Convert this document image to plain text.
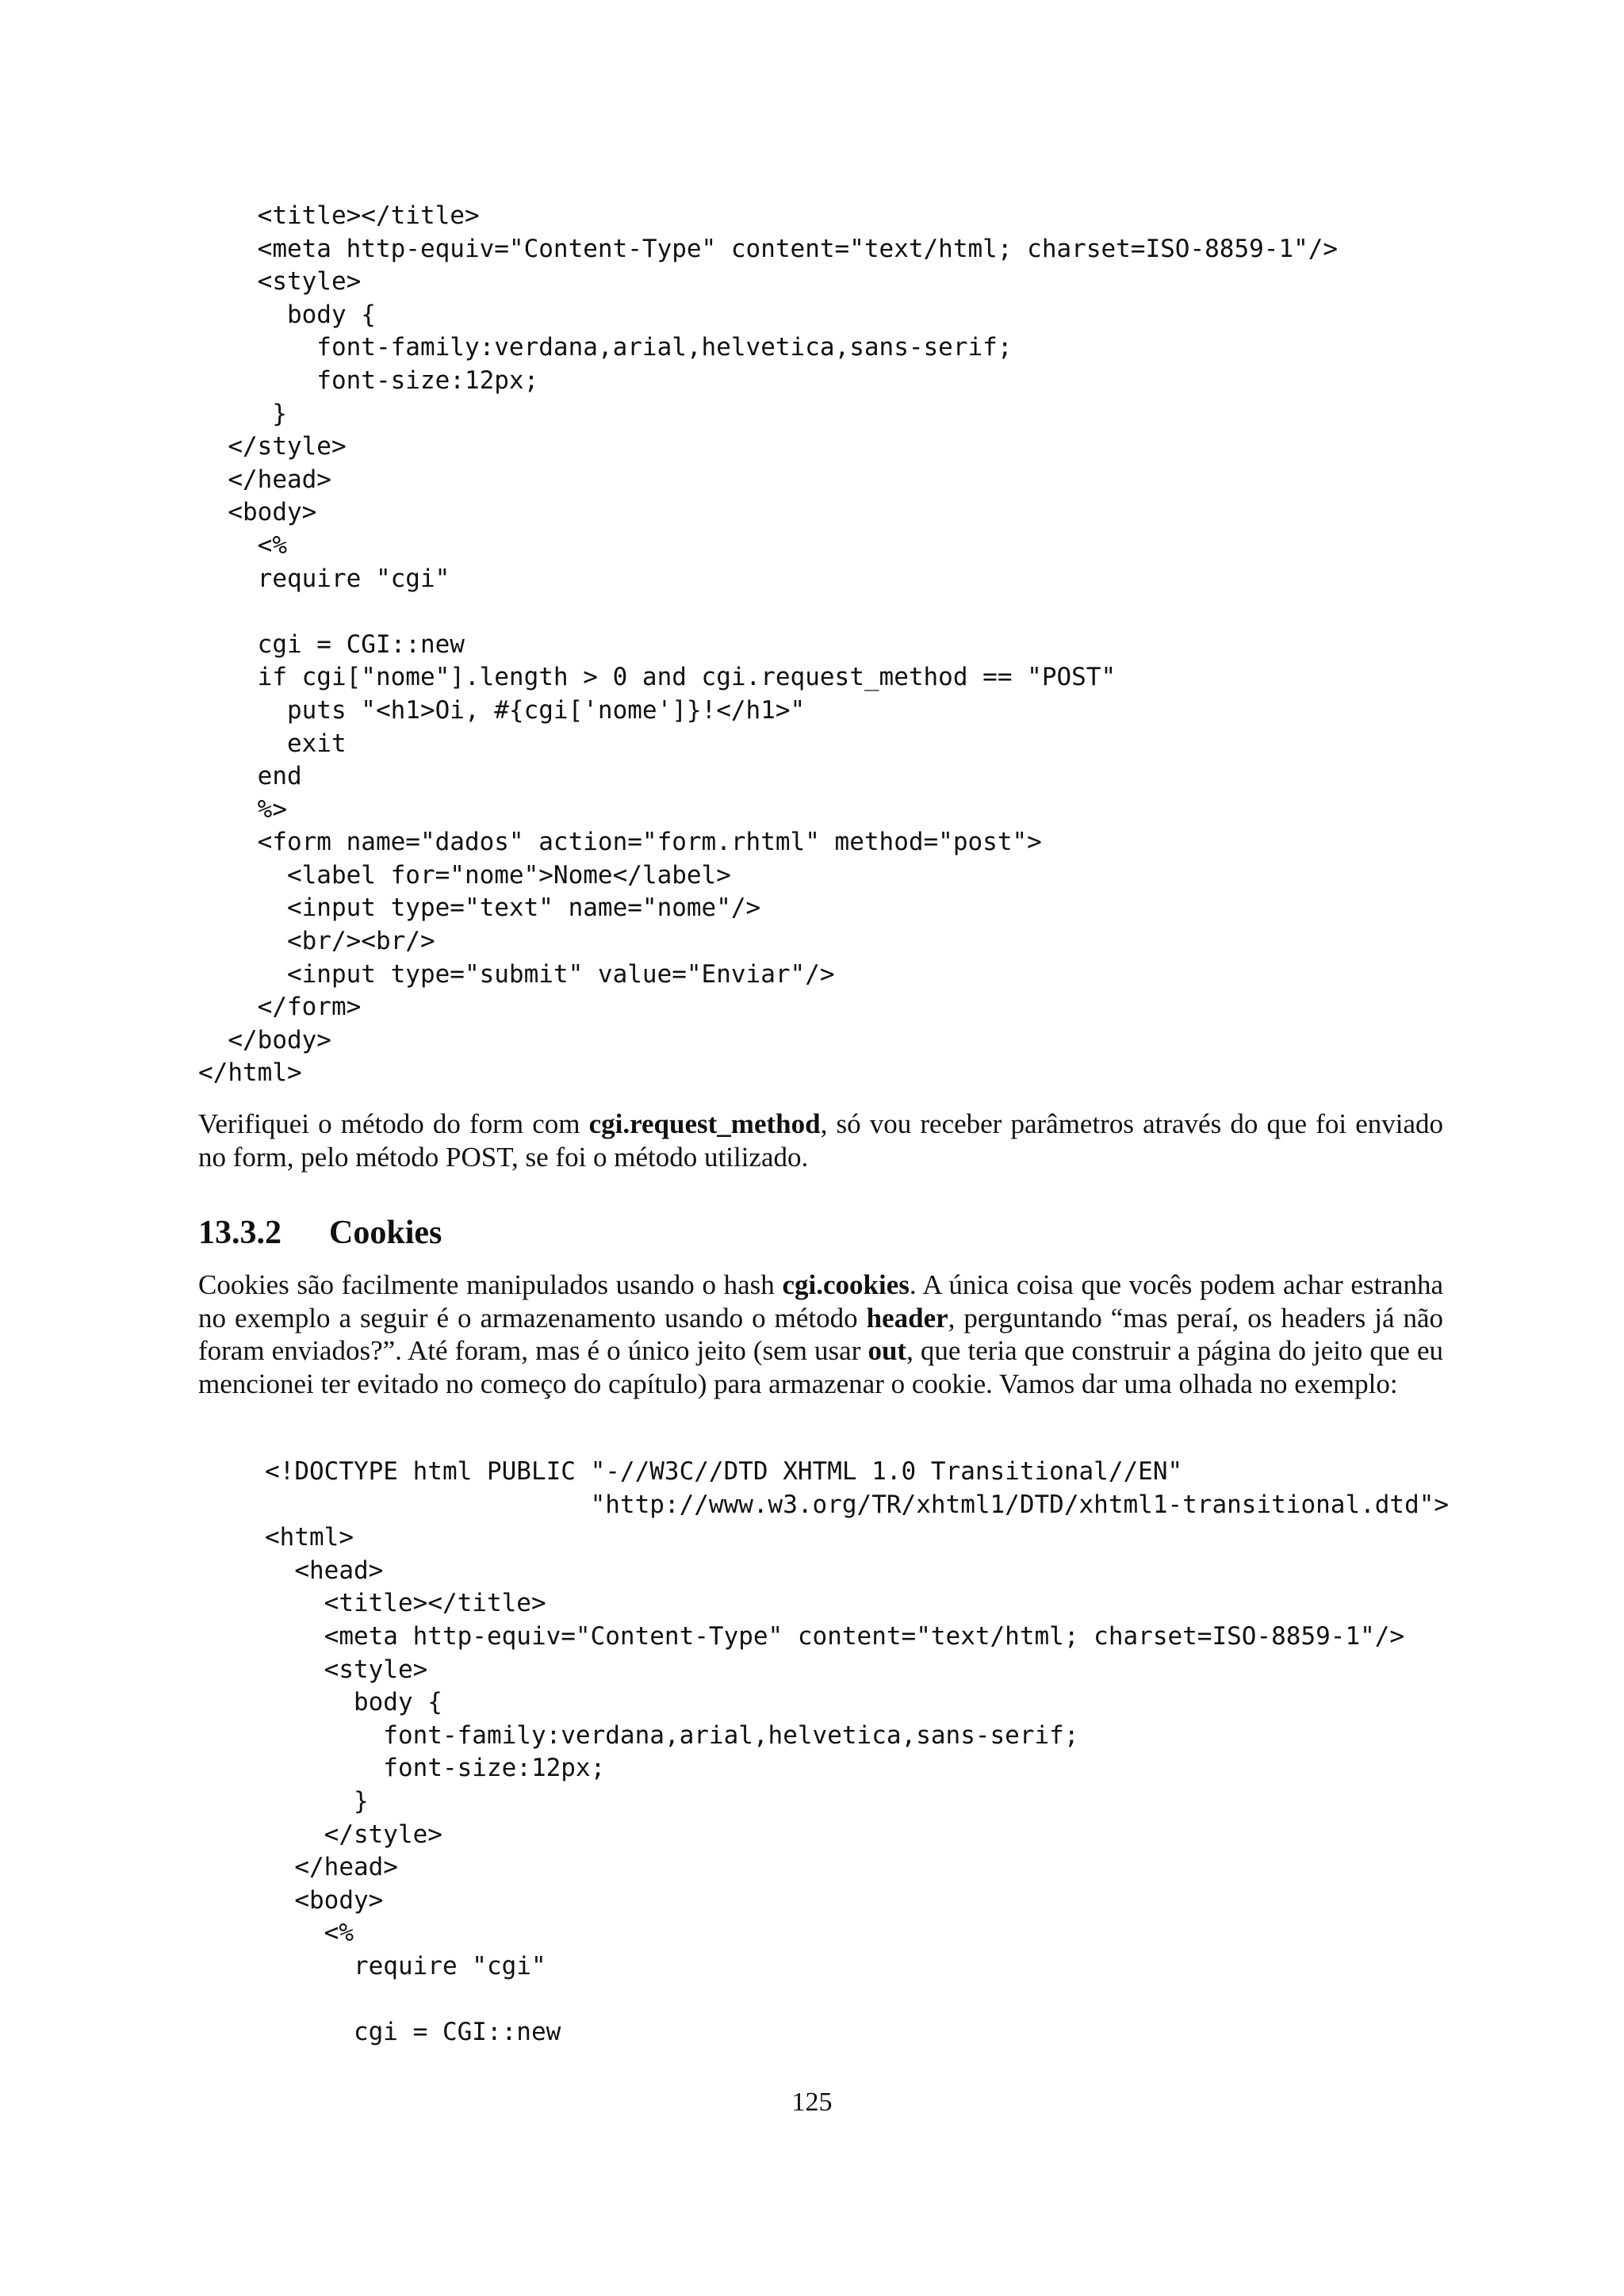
<title></title>
<meta http-equiv="Content-Type" content="text/html; charset=ISO-8859-1"/>
<style>
body {
font-family:verdana,arial,helvetica,sans-serif;
font-size:12px;
}
</style>
</head>
<body>
<%
require "cgi"
cgi = CGI::new
if cgi["nome"].length > 0 and cgi.request_method == "POST"
puts "<h1>Oi, #{cgi['nome']}!</h1>"
exit
end
%>
<form name="dados" action="form.rhtml" method="post">
<label for="nome">Nome</label>
<input type="text" name="nome"/>
<br/><br/>
<input type="submit" value="Enviar"/>
</form>
</body>
</html>

Verifiquei o método do form com cgi.request_method, só vou receber parâmetros através do que foi enviado no form, pelo método POST, se foi o método utilizado.

13.3.2 Cookies

Cookies são facilmente manipulados usando o hash cgi.cookies. A única coisa que vocês podem achar estranha no exemplo a seguir é o armazenamento usando o método header, perguntando “mas peraí, os headers já não foram enviados?”. Até foram, mas é o único jeito (sem usar out, que teria que construir a página do jeito que eu mencionei ter evitado no começo do capítulo) para armazenar o cookie. Vamos dar uma olhada no exemplo:

<!DOCTYPE html PUBLIC "-//W3C//DTD XHTML 1.0 Transitional//EN"
"http://www.w3.org/TR/xhtml1/DTD/xhtml1-transitional.dtd">
<html>
<head>
<title></title>
<meta http-equiv="Content-Type" content="text/html; charset=ISO-8859-1"/>
<style>
body {
font-family:verdana,arial,helvetica,sans-serif;
font-size:12px;
}
</style>
</head>
<body>
<%
require "cgi"
cgi = CGI::new
125
